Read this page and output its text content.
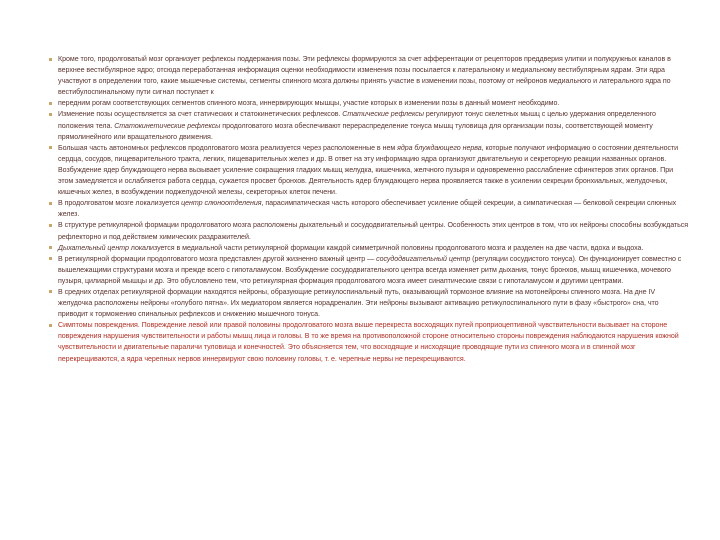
Кроме того, продолговатый мозг организует рефлексы поддержания позы. Эти рефлексы формируются за счет афферентации от рецепторов преддверия улитки и полукружных каналов в верхнее вестибулярное ядро; отсюда переработанная информация оценки необходимости изменения позы посылается к латеральному и медиальному вестибулярным ядрам. Эти ядра участвуют в определении того, какие мышечные системы, сегменты спинного мозга должны принять участие в изменении позы, поэтому от нейронов медиального и латерального ядра по вестибулоспинальному пути сигнал поступает к
передним рогам соответствующих сегментов спинного мозга, иннервирующих мышцы, участие которых в изменении позы в данный момент необходимо.
Изменение позы осуществляется за счет статических и статокинетических рефлексов. Статические рефлексы регулируют тонус скелетных мышц с целью удержания определенного положения тела. Статокинетические рефлексы продолговатого мозга обеспечивают перераспределение тонуса мышц туловища для организации позы, соответствующей моменту прямолинейного или вращательного движения.
Большая часть автономных рефлексов продолговатого мозга реализуется через расположенные в нем ядра блуждающего нерва, которые получают информацию о состоянии деятельности сердца, сосудов, пищеварительного тракта, легких, пищеварительных желез и др. В ответ на эту информацию ядра организуют двигательную и секреторную реакции названных органов. Возбуждение ядер блуждающего нерва вызывает усиление сокращения гладких мышц желудка, кишечника, желчного пузыря и одновременно расслабление сфинктеров этих органов. При этом замедляется и ослабляется работа сердца, сужается просвет бронхов. Деятельность ядер блуждающего нерва проявляется также в усилении секреции бронхиальных, желудочных, кишечных желез, в возбуждении поджелудочной железы, секреторных клеток печени.
В продолговатом мозге локализуется центр слюноотделения, парасимпатическая часть которого обеспечивает усиление общей секреции, а симпатическая — белковой секреции слюнных желез.
В структуре ретикулярной формации продолговатого мозга расположены дыхательный и сосудодвигательный центры. Особенность этих центров в том, что их нейроны способны возбуждаться рефлекторно и под действием химических раздражителей.
Дыхательный центр локализуется в медиальной части ретикулярной формации каждой симметричной половины продолговатого мозга и разделен на две части, вдоха и выдоха.
В ретикулярной формации продолговатого мозга представлен другой жизненно важный центр — сосудодвигательный центр (регуляции сосудистого тонуса). Он функционирует совместно с вышележащими структурами мозга и прежде всего с гипоталамусом. Возбуждение сосудодвигательного центра всегда изменяет ритм дыхания, тонус бронхов, мышц кишечника, мочевого пузыря, цилиарной мышцы и др. Это обусловлено тем, что ретикулярная формация продолговатого мозга имеет синаптические связи с гипоталамусом и другими центрами.
В средних отделах ретикулярной формации находятся нейроны, образующие ретикулоспинальный путь, оказывающий тормозное влияние на мотонейроны спинного мозга. На дне IV желудочка расположены нейроны «голубого пятна». Их медиатором является норадреналин. Эти нейроны вызывают активацию ретикулоспинального пути в фазу «быстрого» сна, что приводит к торможению спинальных рефлексов и снижению мышечного тонуса.
Симптомы повреждения. Повреждение левой или правой половины продолговатого мозга выше перекреста восходящих путей проприоцептивной чувствительности вызывает на стороне повреждения нарушения чувствительности и работы мышц лица и головы. В то же время на противоположной стороне относительно стороны повреждения наблюдаются нарушения кожной чувствительности и двигательные параличи туловища и конечностей. Это объясняется тем, что восходящие и нисходящие проводящие пути из спинного мозга и в спинной мозг перекрещиваются, а ядра черепных нервов иннервируют свою половину головы, т. е. черепные нервы не перекрещиваются.
